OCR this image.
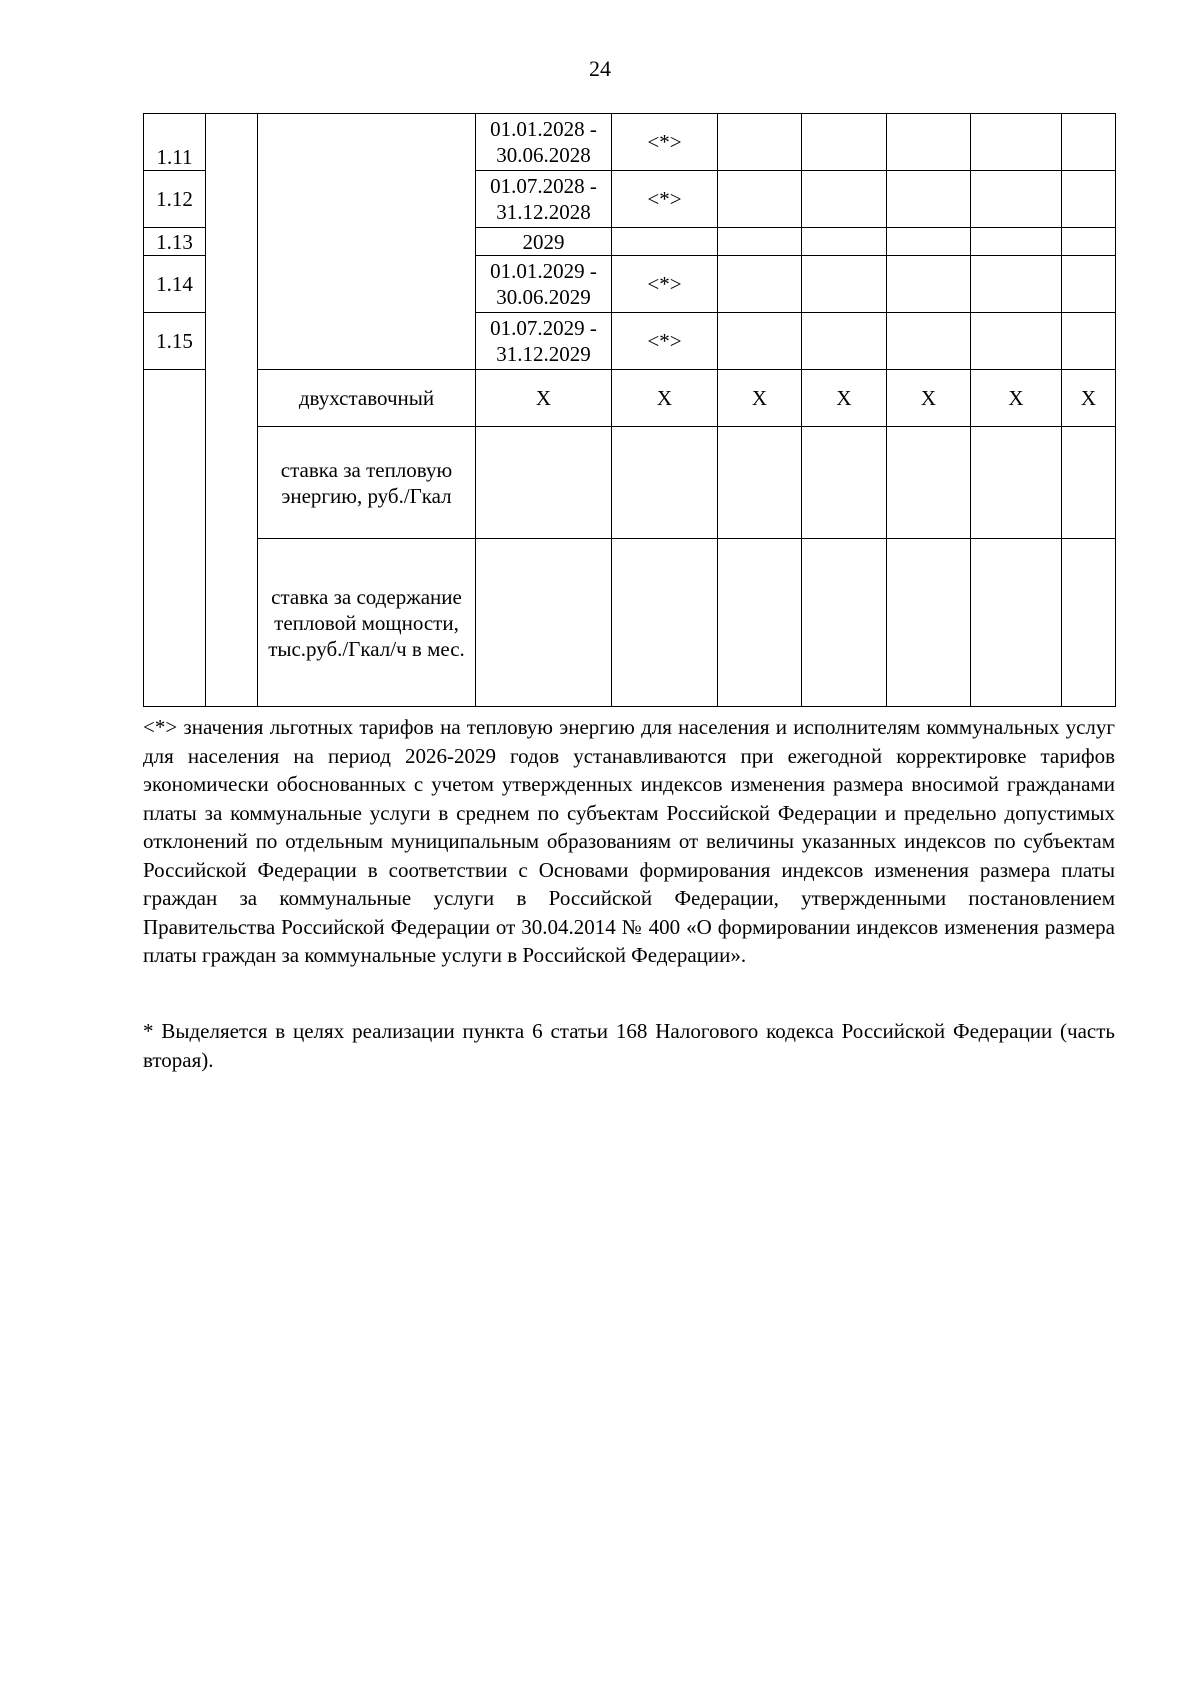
24
1.11			01.01.2028 - 30.06.2028	<*>					
1.12			01.07.2028 - 31.12.2028	<*>					
1.13			2029						
1.14			01.01.2029 - 30.06.2029	<*>					
1.15			01.07.2029 - 31.12.2029	<*>					
		двухставочный	X	X	X	X	X	X	X
		ставка за тепловую энергию, руб./Гкал							
		ставка за содержание тепловой мощности, тыс.руб./Гкал/ч в мес.							

<*> значения льготных тарифов на тепловую энергию для населения и исполнителям коммунальных услуг для населения на период 2026-2029 годов устанавливаются при ежегодной корректировке тарифов экономически обоснованных с учетом утвержденных индексов изменения размера вносимой гражданами платы за коммунальные услуги в среднем по субъектам Российской Федерации и предельно допустимых отклонений по отдельным муниципальным образованиям от величины указанных индексов по субъектам Российской Федерации в соответствии с Основами формирования индексов изменения размера платы граждан за коммунальные услуги в Российской Федерации, утвержденными постановлением Правительства Российской Федерации от 30.04.2014 № 400 «О формировании индексов изменения размера платы граждан за коммунальные услуги в Российской Федерации».

* Выделяется в целях реализации пункта 6 статьи 168 Налогового кодекса Российской Федерации (часть вторая).
